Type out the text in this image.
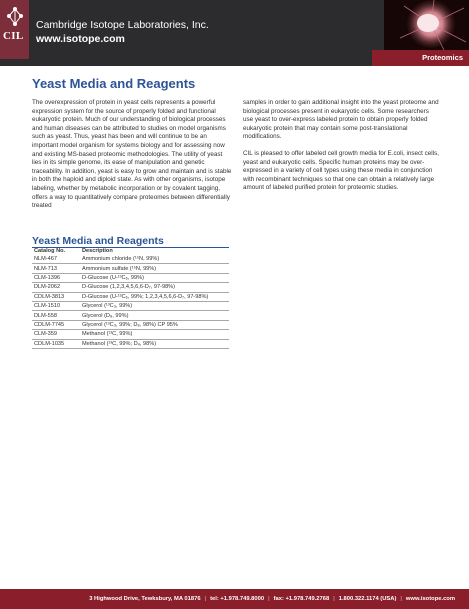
CIL
Cambridge Isotope Laboratories, Inc.
www.isotope.com
Proteomics
Yeast Media and Reagents

The overexpression of protein in yeast cells represents a powerful expression system for the source of properly folded and functional eukaryotic protein. Much of our understanding of biological processes and human diseases can be attributed to studies on model organisms such as yeast. Thus, yeast has been and will continue to be an important model organism for systems biology and for assessing now and existing MS-based proteomic methodologies. The utility of yeast lies in its simple genome, its ease of manipulation and genetic traceability. In addition, yeast is easy to grow and maintain and is stable in both the haploid and diploid state. As with other organisms, isotope labeling, whether by metabolic incorporation or by covalent tagging, offers a way to quantitatively compare proteomes between differentially treated

samples in order to gain additional insight into the yeast proteome and biological processes present in eukaryotic cells. Some researchers use yeast to over-express labeled protein to obtain properly folded eukaryotic protein that may contain some post-translational modifications.

CIL is pleased to offer labeled cell growth media for E.coli, insect cells, yeast and eukaryotic cells. Specific human proteins may be over-expressed in a variety of cell types using these media in conjunction with recombinant techniques so that one can obtain a relatively large amount of labeled purified protein for proteomic studies.

Yeast Media and Reagents
Catalog No.	Description
NLM-467	Ammonium chloride (¹⁵N, 99%)
NLM-713	Ammonium sulfate (¹⁵N, 99%)
CLM-1396	D-Glucose (U-¹³C₆, 99%)
DLM-2062	D-Glucose (1,2,3,4,5,6,6-D₇, 97-98%)
CDLM-3813	D-Glucose (U-¹³C₆, 99%; 1,2,3,4,5,6,6-D₇, 97-98%)
CLM-1510	Glycerol (¹³C₃, 99%)
DLM-558	Glycerol (D₈, 99%)
CDLM-7745	Glycerol (¹³C₃, 99%; D₈, 98%) CP 95%
CLM-359	Methanol (¹³C, 99%)
CDLM-1035	Methanol (¹³C, 99%; D₄, 98%)
3 Highwood Drive, Tewksbury, MA 01876 | tel: +1.978.749.8000 | fax: +1.978.749.2768 | 1.800.322.1174 (USA) | www.isotope.com
